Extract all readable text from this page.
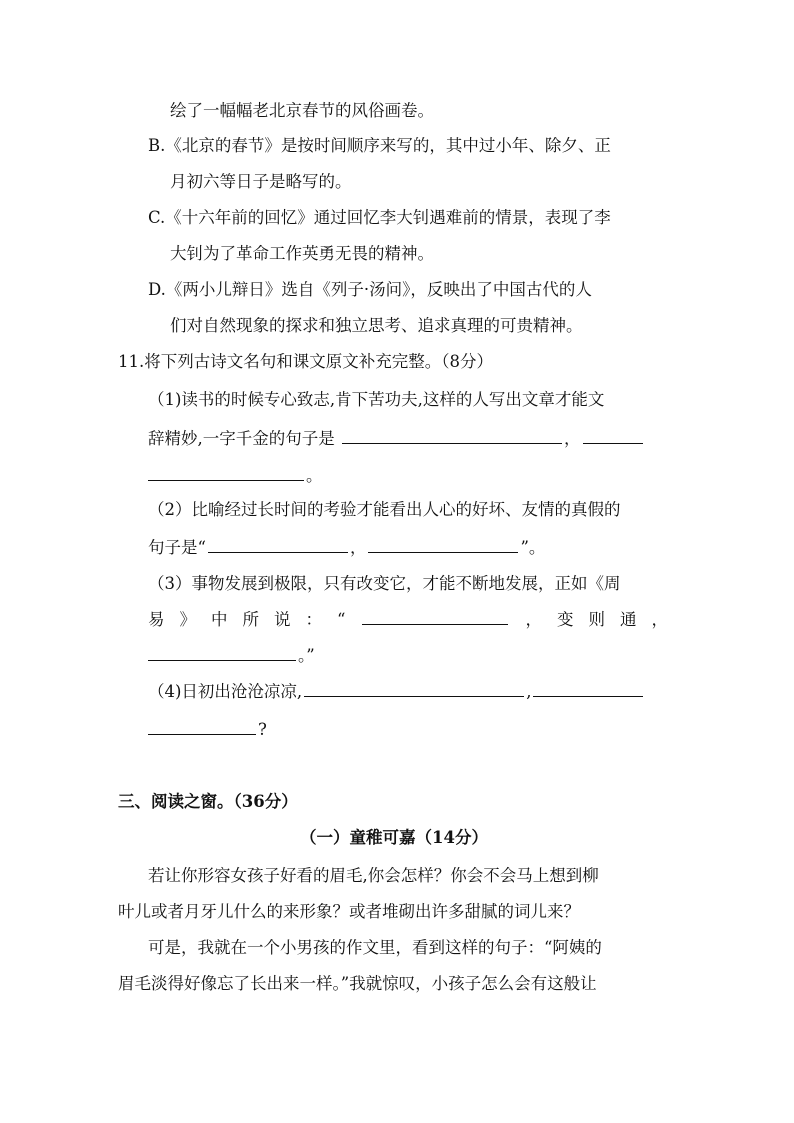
绘了一幅幅老北京春节的风俗画卷。
B.《北京的春节》是按时间顺序来写的，其中过小年、除夕、正
月初六等日子是略写的。
C.《十六年前的回忆》通过回忆李大钊遇难前的情景，表现了李
大钊为了革命工作英勇无畏的精神。
D.《两小儿辩日》选自《列子·汤问》，反映出了中国古代的人
们对自然现象的探求和独立思考、追求真理的可贵精神。
11.将下列古诗文名句和课文原文补充完整。（8分）
（1)读书的时候专心致志,肯下苦功夫,这样的人写出文章才能文
辞精妙,一字千金的句子是	，
。
（2）比喻经过长时间的考验才能看出人心的好坏、友情的真假的
句子是“	，	”。
（3）事物发展到极限，只有改变它，才能不断地发展，正如《周
易 》 中 所 说 ： “	， 变 则 通 ，
。”
（4)日初出沧沧凉凉,	,
?
三、阅读之窗。（36分）
（一）童稚可嘉（14分）
若让你形容女孩子好看的眉毛,你会怎样？你会不会马上想到柳
叶儿或者月牙儿什么的来形象？或者堆砌出许多甜腻的词儿来？
可是，我就在一个小男孩的作文里，看到这样的句子：“阿姨的
眉毛淡得好像忘了长出来一样。”我就惊叹，小孩子怎么会有这般让
